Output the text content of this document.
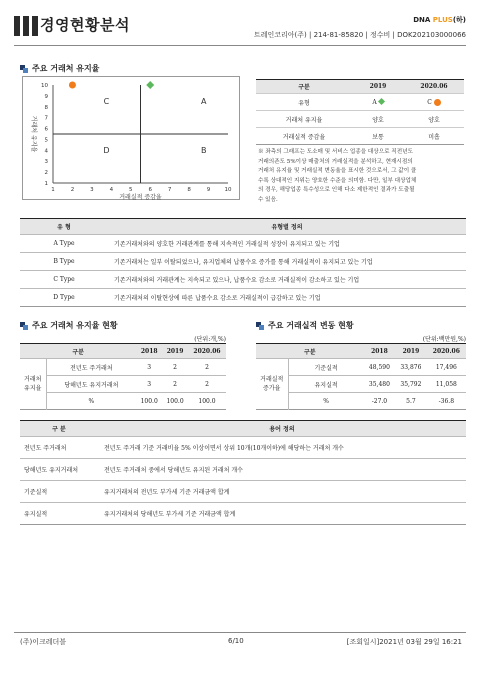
경영현황분석	DNA PLUS(하)
트레인코리아(주) | 214-81-85820 | 정수비 | DOK202103000066
주요 거래처 유지율
1	2	3	4	5	6	7	8	9	10
1
2
3
4
5
6
7
8
9
10
C	A
D	B
거래실적 증감율
거래처 유지율
구분	2019	2020.06
유형	A	C
거래처 유지율	양호	양호
거래실적 증감율	보통	미흡
※ 좌측의 그래프는 도소매 및 서비스 업종을 대상으로 직전년도
거래의존도 5%이상 매출처의 거래실적을 분석하고, 현재시점의
거래처 유지율 및 거래실적 변동율을 표시한 것으로서, 그 값이 클
수록 상대적인 지위는 양호한 수준을 의미함. 다만, 일부 대상업체
의 경우, 해당업종 특수성으로 인해 다소 제한적인 결과가 도출될
수 있음.
유 형	유형별 정의
A Type	기존거래처와의 양호한 거래관계를 통해 지속적인 거래실적 성장이 유지되고 있는 기업
B Type	기존거래처는 일부 이탈되었으나, 유지업체의 납품수요 증가를 통해 거래실적이 유지되고 있는 기업
C Type	기존거래처와의 거래관계는 지속되고 있으나, 납품수요 감소로 거래실적이 감소하고 있는 기업
D Type	기존거래처의 이탈현상에 따른 납품수요 감소로 거래실적이 급감하고 있는 기업
주요 거래처 유지율 현황
(단위:개,%)
구분		2018	2019	2020.06
거래처
유지율	전년도 주거래처	3	2	2
	당해년도 유지거래처	3	2	2
	%	100.0	100.0	100.0
주요 거래실적 변동 현황
(단위:백만원,%)
구분		2018	2019	2020.06
거래실적
증가율	기준실적	48,590	33,876	17,496
	유지실적	35,480	35,792	11,058
	%	-27.0	5.7	-36.8
구 분	용어 정의
전년도 주거래처	전년도 주거래 기준 거래비율 5% 이상이면서 상위 10개(10개이하)에 해당하는 거래처 개수
당해년도 유지거래처	전년도 주거래처 중에서 당해년도 유지된 거래처 개수
기준실적	유지거래처의 전년도 부가세 기준 거래금액 합계
유지실적	유지거래처의 당해년도 부가세 기준 거래금액 합계
(주)이크레더블	6/10	[조회일시]2021년 03월 29일 16:21
